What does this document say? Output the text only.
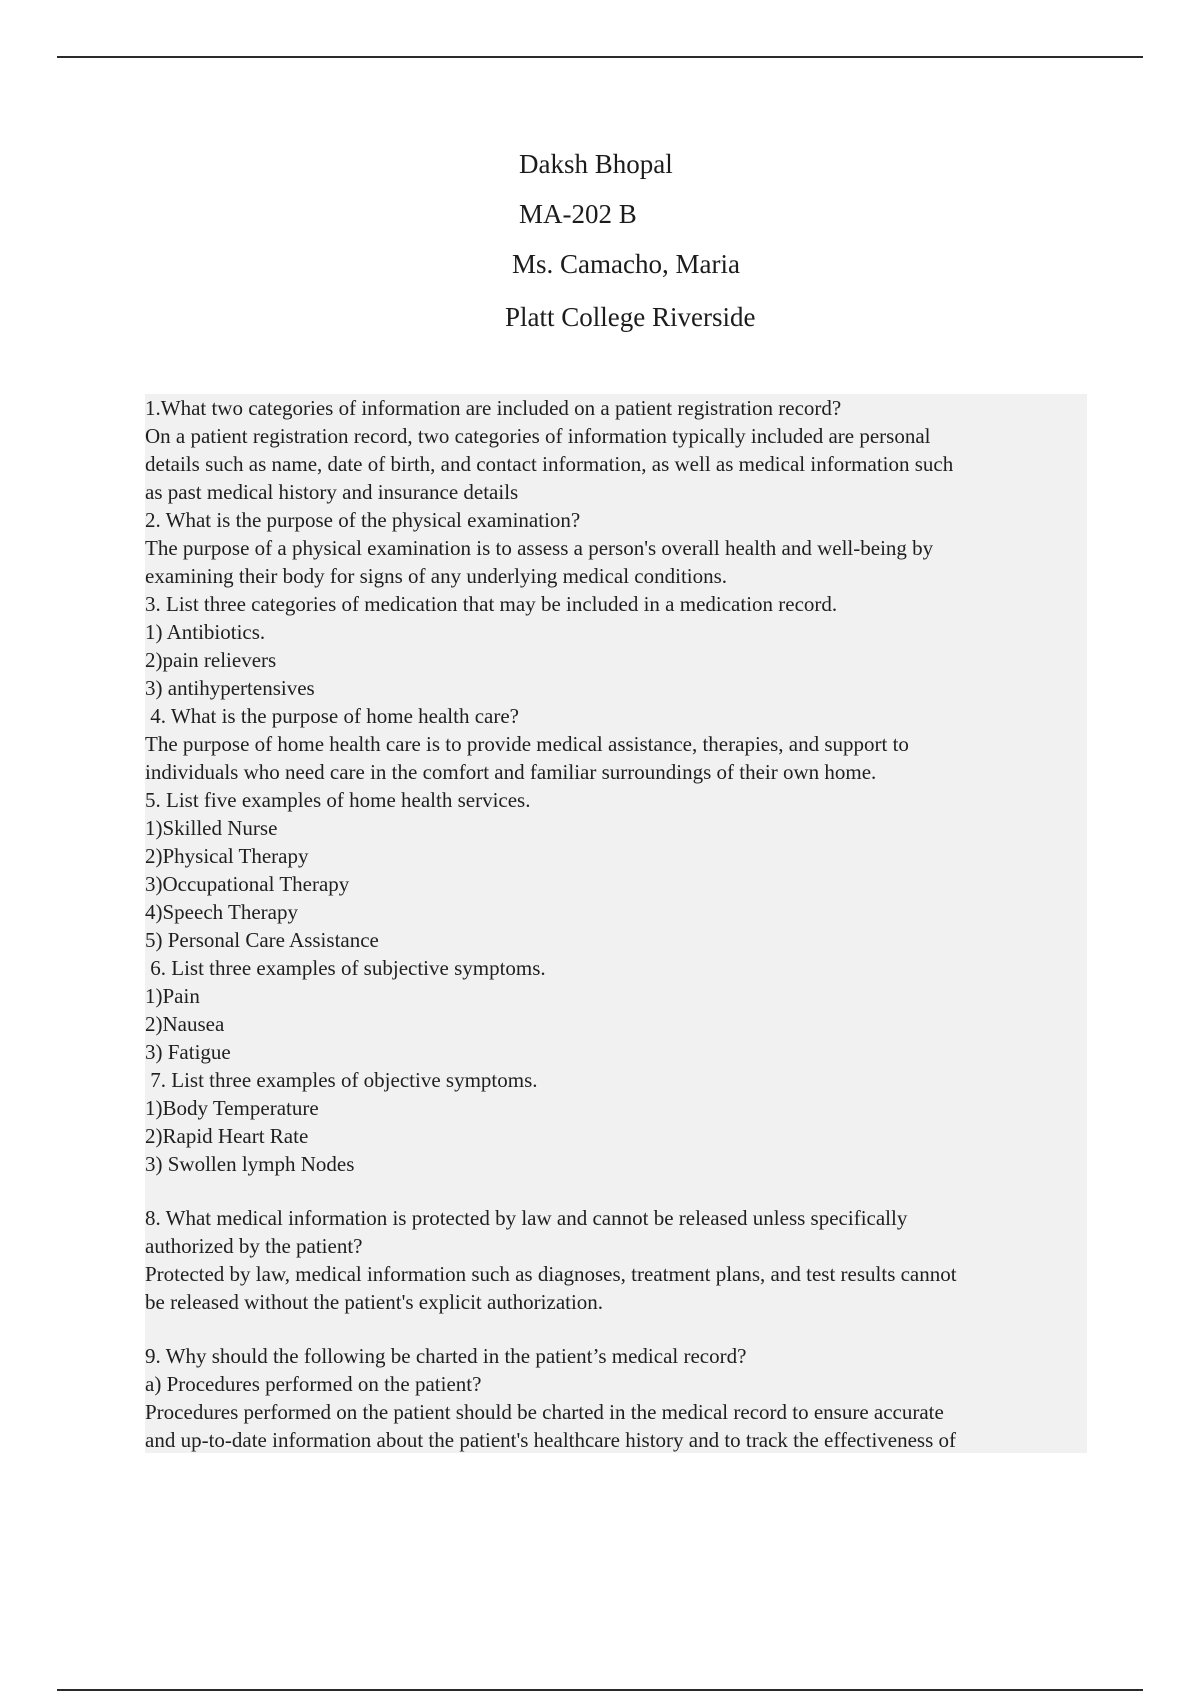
Daksh Bhopal
MA-202 B
Ms. Camacho, Maria
Platt College Riverside
1.What two categories of information are included on a patient registration record?
On a patient registration record, two categories of information typically included are personal
details such as name, date of birth, and contact information, as well as medical information such
as past medical history and insurance details
2. What is the purpose of the physical examination?
The purpose of a physical examination is to assess a person's overall health and well-being by
examining their body for signs of any underlying medical conditions.
3. List three categories of medication that may be included in a medication record.
1) Antibiotics.
2)pain relievers
3) antihypertensives
4. What is the purpose of home health care?
The purpose of home health care is to provide medical assistance, therapies, and support to
individuals who need care in the comfort and familiar surroundings of their own home.
5. List five examples of home health services.
1)Skilled Nurse
2)Physical Therapy
3)Occupational Therapy
4)Speech Therapy
5) Personal Care Assistance
6. List three examples of subjective symptoms.
1)Pain
2)Nausea
3) Fatigue
7. List three examples of objective symptoms.
1)Body Temperature
2)Rapid Heart Rate
3) Swollen lymph Nodes
8. What medical information is protected by law and cannot be released unless specifically
authorized by the patient?
Protected by law, medical information such as diagnoses, treatment plans, and test results cannot
be released without the patient's explicit authorization.
9. Why should the following be charted in the patient’s medical record?
a) Procedures performed on the patient?
Procedures performed on the patient should be charted in the medical record to ensure accurate
and up-to-date information about the patient's healthcare history and to track the effectiveness of
